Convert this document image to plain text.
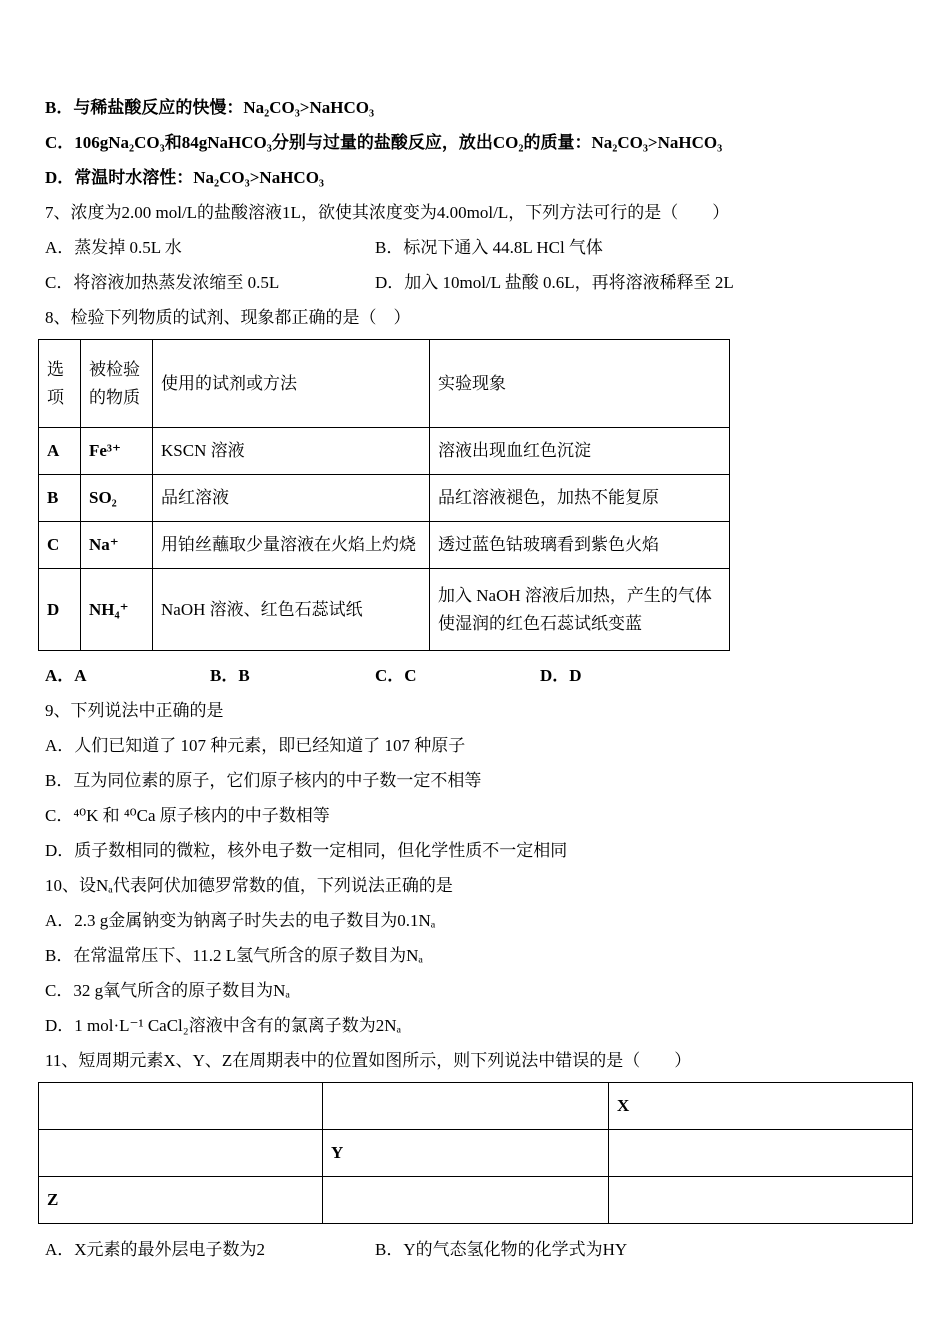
B．与稀盐酸反应的快慢：Na₂CO₃>NaHCO₃
C．106gNa₂CO₃和84gNaHCO₃分别与过量的盐酸反应，放出CO₂的质量：Na₂CO₃>NaHCO₃
D．常温时水溶性：Na₂CO₃>NaHCO₃
7、浓度为2.00 mol/L的盐酸溶液1L，欲使其浓度变为4.00mol/L，下列方法可行的是（　　）
A．蒸发掉 0.5L 水	B．标况下通入 44.8L HCl 气体
C．将溶液加热蒸发浓缩至 0.5L	D．加入 10mol/L 盐酸 0.6L，再将溶液稀释至 2L
8、检验下列物质的试剂、现象都正确的是（　）
选项	被检验的物质	使用的试剂或方法	实验现象
A	Fe³⁺	KSCN 溶液	溶液出现血红色沉淀
B	SO₂	品红溶液	品红溶液褪色，加热不能复原
C	Na⁺	用铂丝蘸取少量溶液在火焰上灼烧	透过蓝色钴玻璃看到紫色火焰
D	NH₄⁺	NaOH 溶液、红色石蕊试纸	加入 NaOH 溶液后加热，产生的气体使湿润的红色石蕊试纸变蓝
A．A	B．B	C．C	D．D
9、下列说法中正确的是
A．人们已知道了 107 种元素，即已经知道了 107 种原子
B．互为同位素的原子，它们原子核内的中子数一定不相等
C．⁴⁰K 和 ⁴⁰Ca 原子核内的中子数相等
D．质子数相同的微粒，核外电子数一定相同，但化学性质不一定相同
10、设Nₐ代表阿伏加德罗常数的值，下列说法正确的是
A．2.3 g金属钠变为钠离子时失去的电子数目为0.1Nₐ
B．在常温常压下、11.2 L氢气所含的原子数目为Nₐ
C．32 g氧气所含的原子数目为Nₐ
D．1 mol·L⁻¹ CaCl₂溶液中含有的氯离子数为2Nₐ
11、短周期元素X、Y、Z在周期表中的位置如图所示，则下列说法中错误的是（　　）
		X
	Y	
Z		
A．X元素的最外层电子数为2	B．Y的气态氢化物的化学式为HY
